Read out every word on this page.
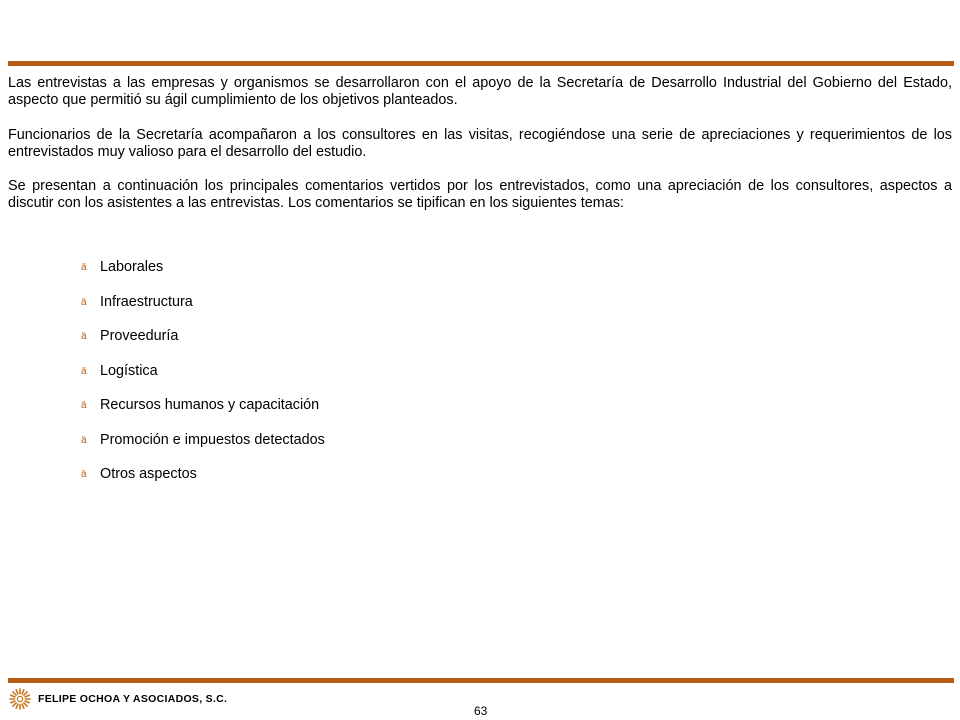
Las entrevistas a las empresas y organismos se desarrollaron con el apoyo de la Secretaría de Desarrollo Industrial del Gobierno del Estado, aspecto que permitió su ágil cumplimiento de los objetivos planteados.

Funcionarios de la Secretaría acompañaron a los consultores en las visitas, recogiéndose una serie de apreciaciones y requerimientos de los entrevistados muy valioso para el desarrollo del estudio.

Se presentan a continuación los principales comentarios vertidos por los entrevistados, como una apreciación de los consultores, aspectos a discutir con los asistentes a las entrevistas. Los comentarios se tipifican en los siguientes temas:

ä Laborales
ä Infraestructura
ä Proveeduría
ä Logística
ä Recursos humanos y capacitación
ä Promoción e impuestos detectados
ä Otros aspectos
FELIPE OCHOA Y ASOCIADOS, S.C.
63
